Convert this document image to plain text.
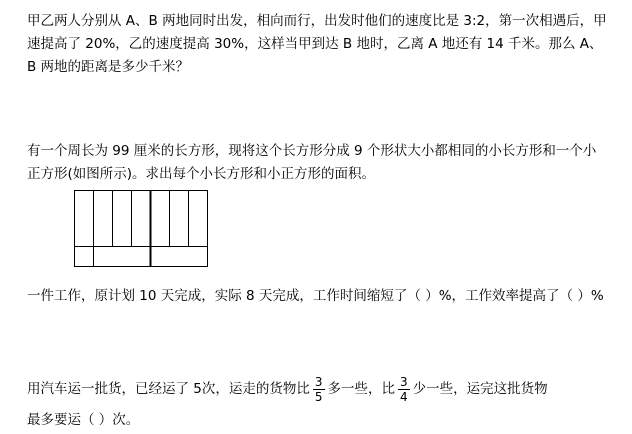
甲乙两人分别从 A、B 两地同时出发，相向而行，出发时他们的速度比是 3:2，第一次相遇后，甲速提高了 20%，乙的速度提高 30%，这样当甲到达 B 地时，乙离 A 地还有 14 千米。那么 A、B 两地的距离是多少千米？

有一个周长为 99 厘米的长方形，现将这个长方形分成 9 个形状大小都相同的小长方形和一个小正方形(如图所示)。求出每个小长方形和小正方形的面积。

一件工作，原计划 10 天完成，实际 8 天完成，工作时间缩短了（ ）%，工作效率提高了（ ）%

用汽车运一批货，已经运了 5次，运走的货物比 $\frac{3}{5}$ 多一些，比 $\frac{3}{4}$ 少一些，运完这批货物
最多要运（ ）次。
